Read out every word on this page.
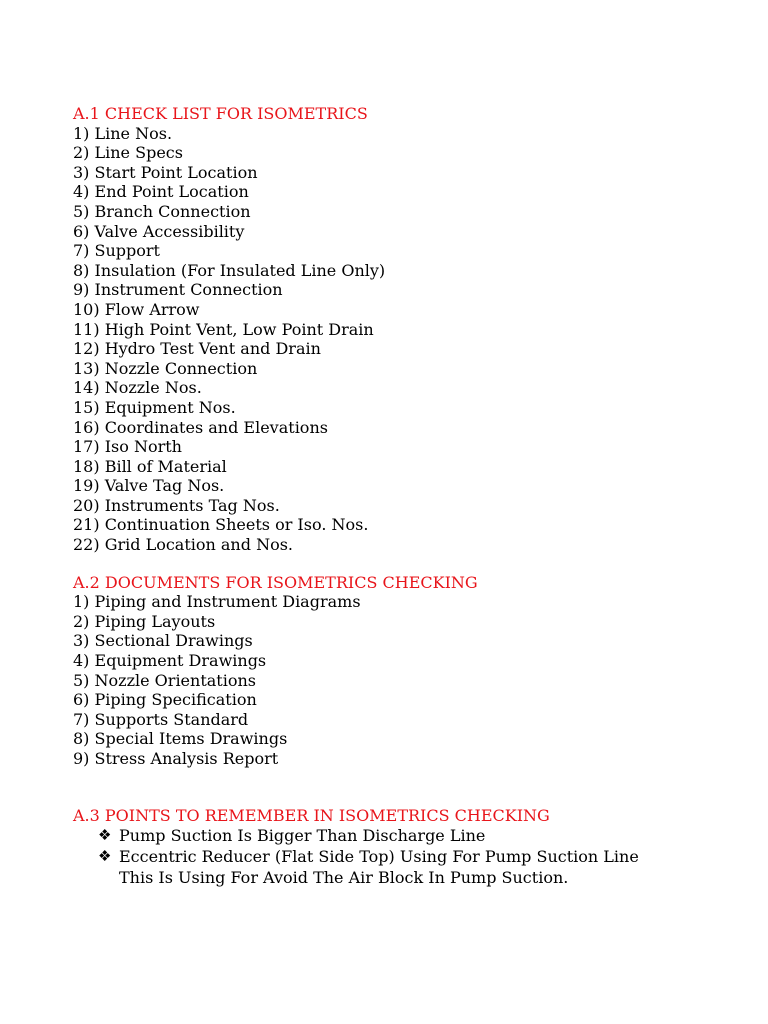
A.1 CHECK LIST FOR ISOMETRICS
1) Line Nos.
2) Line Specs
3) Start Point Location
4) End Point Location
5) Branch Connection
6) Valve Accessibility
7) Support
8) Insulation (For Insulated Line Only)
9) Instrument Connection
10) Flow Arrow
11) High Point Vent, Low Point Drain
12) Hydro Test Vent and Drain
13) Nozzle Connection
14) Nozzle Nos.
15) Equipment Nos.
16) Coordinates and Elevations
17) Iso North
18) Bill of Material
19) Valve Tag Nos.
20) Instruments Tag Nos.
21) Continuation Sheets or Iso. Nos.
22) Grid Location and Nos.
A.2 DOCUMENTS FOR ISOMETRICS CHECKING
1) Piping and Instrument Diagrams
2) Piping Layouts
3) Sectional Drawings
4) Equipment Drawings
5) Nozzle Orientations
6) Piping Specification
7) Supports Standard
8) Special Items Drawings
9) Stress Analysis Report
A.3 POINTS TO REMEMBER IN ISOMETRICS CHECKING
❖ Pump Suction Is Bigger Than Discharge Line
❖ Eccentric Reducer (Flat Side Top) Using For Pump Suction Line
This Is Using For Avoid The Air Block In Pump Suction.
